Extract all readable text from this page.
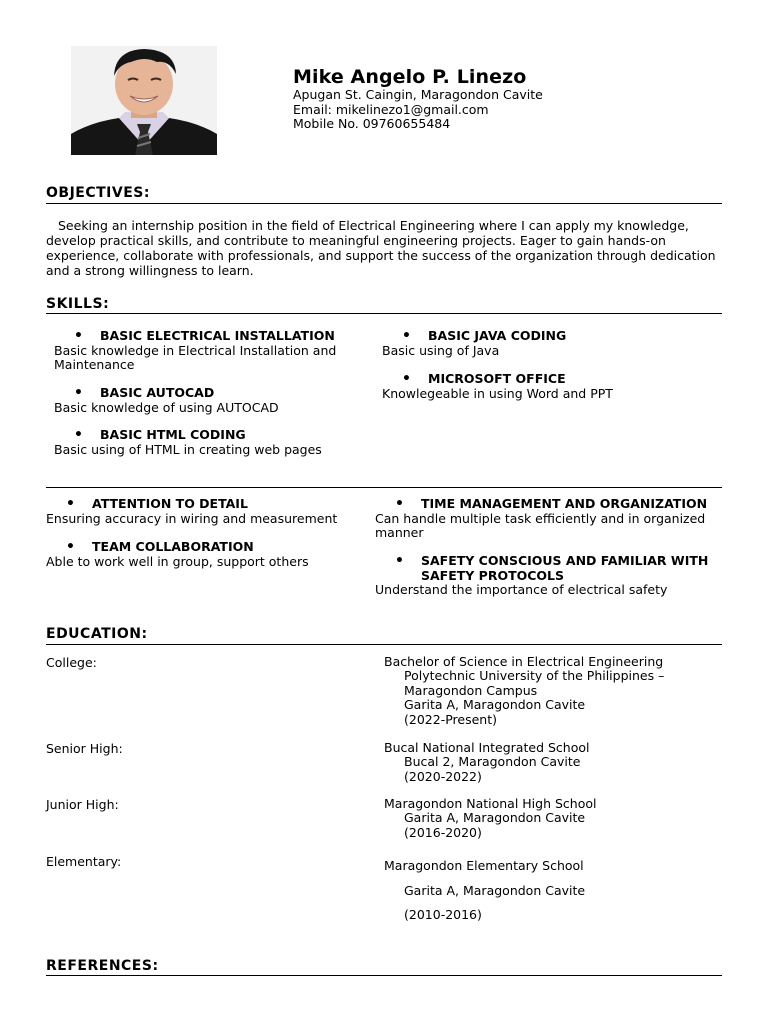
Mike Angelo P. Linezo
Apugan St. Caingin, Maragondon Cavite
Email: mikelinezo1@gmail.com
Mobile No. 09760655484
OBJECTIVES:
Seeking an internship position in the field of Electrical Engineering where I can apply my knowledge, develop practical skills, and contribute to meaningful engineering projects. Eager to gain hands-on experience, collaborate with professionals, and support the success of the organization through dedication and a strong willingness to learn.
SKILLS:
• BASIC ELECTRICAL INSTALLATION
Basic knowledge in Electrical Installation and Maintenance
• BASIC AUTOCAD
Basic knowledge of using AUTOCAD
• BASIC HTML CODING
Basic using of HTML in creating web pages
• BASIC JAVA CODING
Basic using of Java
• MICROSOFT OFFICE
Knowlegeable in using Word and PPT
• ATTENTION TO DETAIL
Ensuring accuracy in wiring and measurement
• TEAM COLLABORATION
Able to work well in group, support others
• TIME MANAGEMENT AND ORGANIZATION
Can handle multiple task efficiently and in organized manner
• SAFETY CONSCIOUS AND FAMILIAR WITH SAFETY PROTOCOLS
Understand the importance of electrical safety
EDUCATION:
College:	Bachelor of Science in Electrical Engineering
Polytechnic University of the Philippines –
Maragondon Campus
Garita A, Maragondon Cavite
(2022-Present)
Senior High:	Bucal National Integrated School
Bucal 2, Maragondon Cavite
(2020-2022)
Junior High:	Maragondon National High School
Garita A, Maragondon Cavite
(2016-2020)
Elementary:	Maragondon Elementary School
Garita A, Maragondon Cavite
(2010-2016)
REFERENCES:
